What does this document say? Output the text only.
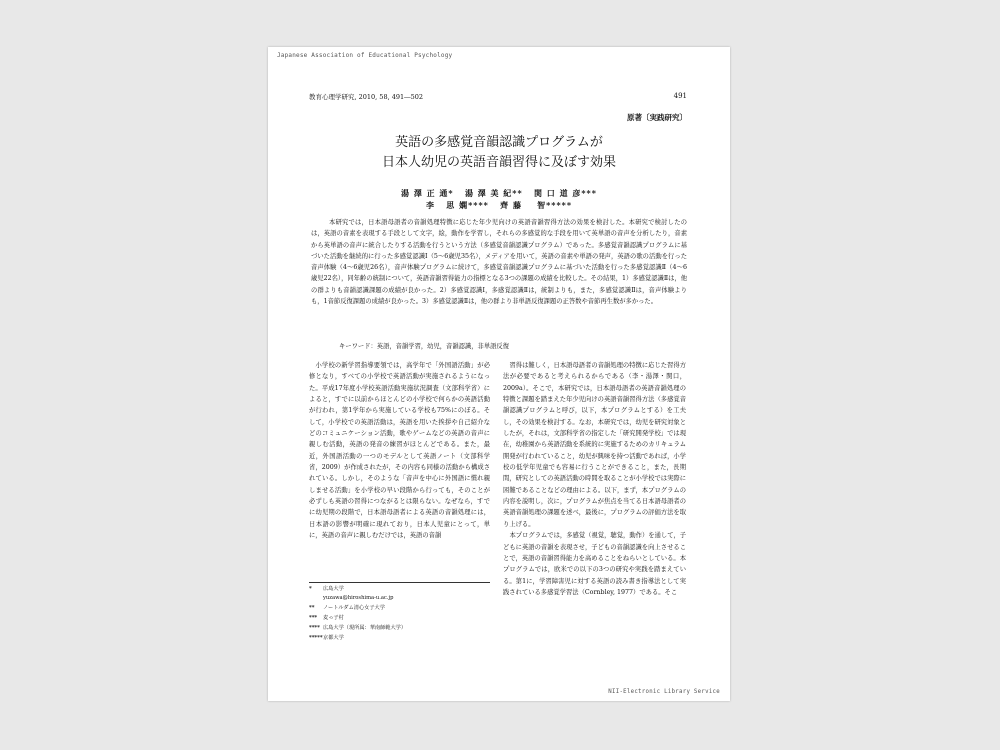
Japanese Association of Educational Psychology
教育心理学研究, 2010, 58, 491―502	491
原著〔実践研究〕
英語の多感覚音韻認識プログラムが
日本人幼児の英語音韻習得に及ぼす効果
湯 澤 正 通*   湯 澤 美 紀**   関 口 道 彦***
李   思 嫻****   齊 藤    智*****

本研究では，日本語母語者の音韻処理特徴に応じた年少児向けの英語音韻習得方法の効果を検討した。本研究で検討したのは，英語の音素を表現する手段として文字，絵，動作を学習し，それらの多感覚的な手段を用いて英単語の音声を分析したり，音素から英単語の音声に統合したりする活動を行うという方法（多感覚音韻認識プログラム）であった。多感覚音韻認識プログラムに基づいた活動を継続的に行った多感覚認識Ⅰ（5～6歳児35名），メディアを用いて，英語の音素や単語の発声，英語の歌の活動を行った音声体験（4～6歳児26名），音声体験プログラムに続けて，多感覚音韻認識プログラムに基づいた活動を行った多感覚認識Ⅱ（4～6歳児22名），同年齢の統制について，英語音韻習得能力の指標となる3つの課題の成績を比較した。その結果，1）多感覚認識Ⅱは，他の群よりも音韻認識課題の成績が良かった。2）多感覚認識Ⅰ，多感覚認識Ⅱは，統制よりも，また，多感覚認識Ⅱは，音声体験よりも，1音節反復課題の成績が良かった。3）多感覚認識Ⅱは，他の群より非単語反復課題の正答数や音節再生数が多かった。

キーワード：英語，音韻学習，幼児，音韻認識，非単語反復

小学校の新学習指導要領では，高学年で「外国語活動」が必修となり，すべての小学校で英語活動が実施されるようになった。平成17年度小学校英語活動実施状況調査（文部科学省）によると，すでに以前からほとんどの小学校で何らかの英語活動が行われ，第1学年から実施している学校も75%にのぼる。そして，小学校での英語活動は，英語を用いた挨拶や自己紹介などのコミュニケーション活動，歌やゲームなどの英語の音声に親しむ活動，英語の発音の練習がほとんどである。また，最近，外国語活動の一つのモデルとして英語ノート（文部科学省，2009）が作成されたが，その内容も同様の活動から構成されている。しかし，そのような「音声を中心に外国語に慣れ親しませる活動」を小学校の早い段階から行っても，そのことが必ずしも英語の習得につながるとは限らない。なぜなら，すでに幼児期の段階で，日本語母語者による英語の音韻処理には，日本語の影響が明確に現れており，日本人児童にとって，単に，英語の音声に親しむだけでは，英語の音韻

習得は難しく，日本語母語者の音韻処理の特徴に応じた習得方法が必要であると考えられるからである（李・湯澤・関口，2009a）。そこで，本研究では，日本語母語者の英語音韻処理の特徴と課題を踏まえた年少児向けの英語音韻習得方法（多感覚音韻認識プログラムと呼び，以下，本プログラムとする）を工夫し，その効果を検討する。なお，本研究では，幼児を研究対象としたが，それは，文部科学省の指定した「研究開発学校」では現在，幼稚園から英語活動を系統的に実施するためのカリキュラム開発が行われていること，幼児が興味を持つ活動であれば，小学校の低学年児童でも容易に行うことができること，また，長期間，研究としての英語活動の時間を取ることが小学校では実際に困難であることなどの理由による。以下，まず，本プログラムの内容を説明し，次に，プログラムが焦点を当てる日本語母語者の英語音韻処理の課題を述べ，最後に，プログラムの評価方法を取り上げる。

本プログラムでは，多感覚（視覚，聴覚，動作）を通して，子どもに英語の音韻を表現させ，子どもの音韻認識を向上させることで，英語の音韻習得能力を高めることをねらいとしている。本プログラムでは，欧米での以下の3つの研究や実践を踏まえている。第1に，学習障害児に対する英語の読み書き指導法として実践されている多感覚学習法（Cornbley, 1977）である。そこ

* 広島大学
yuzawa@hiroshima-u.ac.jp
** ノートルダム清心女子大学
*** 麦っ子村
**** 広島大学（現所属：華南師範大学）
*****京都大学
NII-Electronic Library Service
